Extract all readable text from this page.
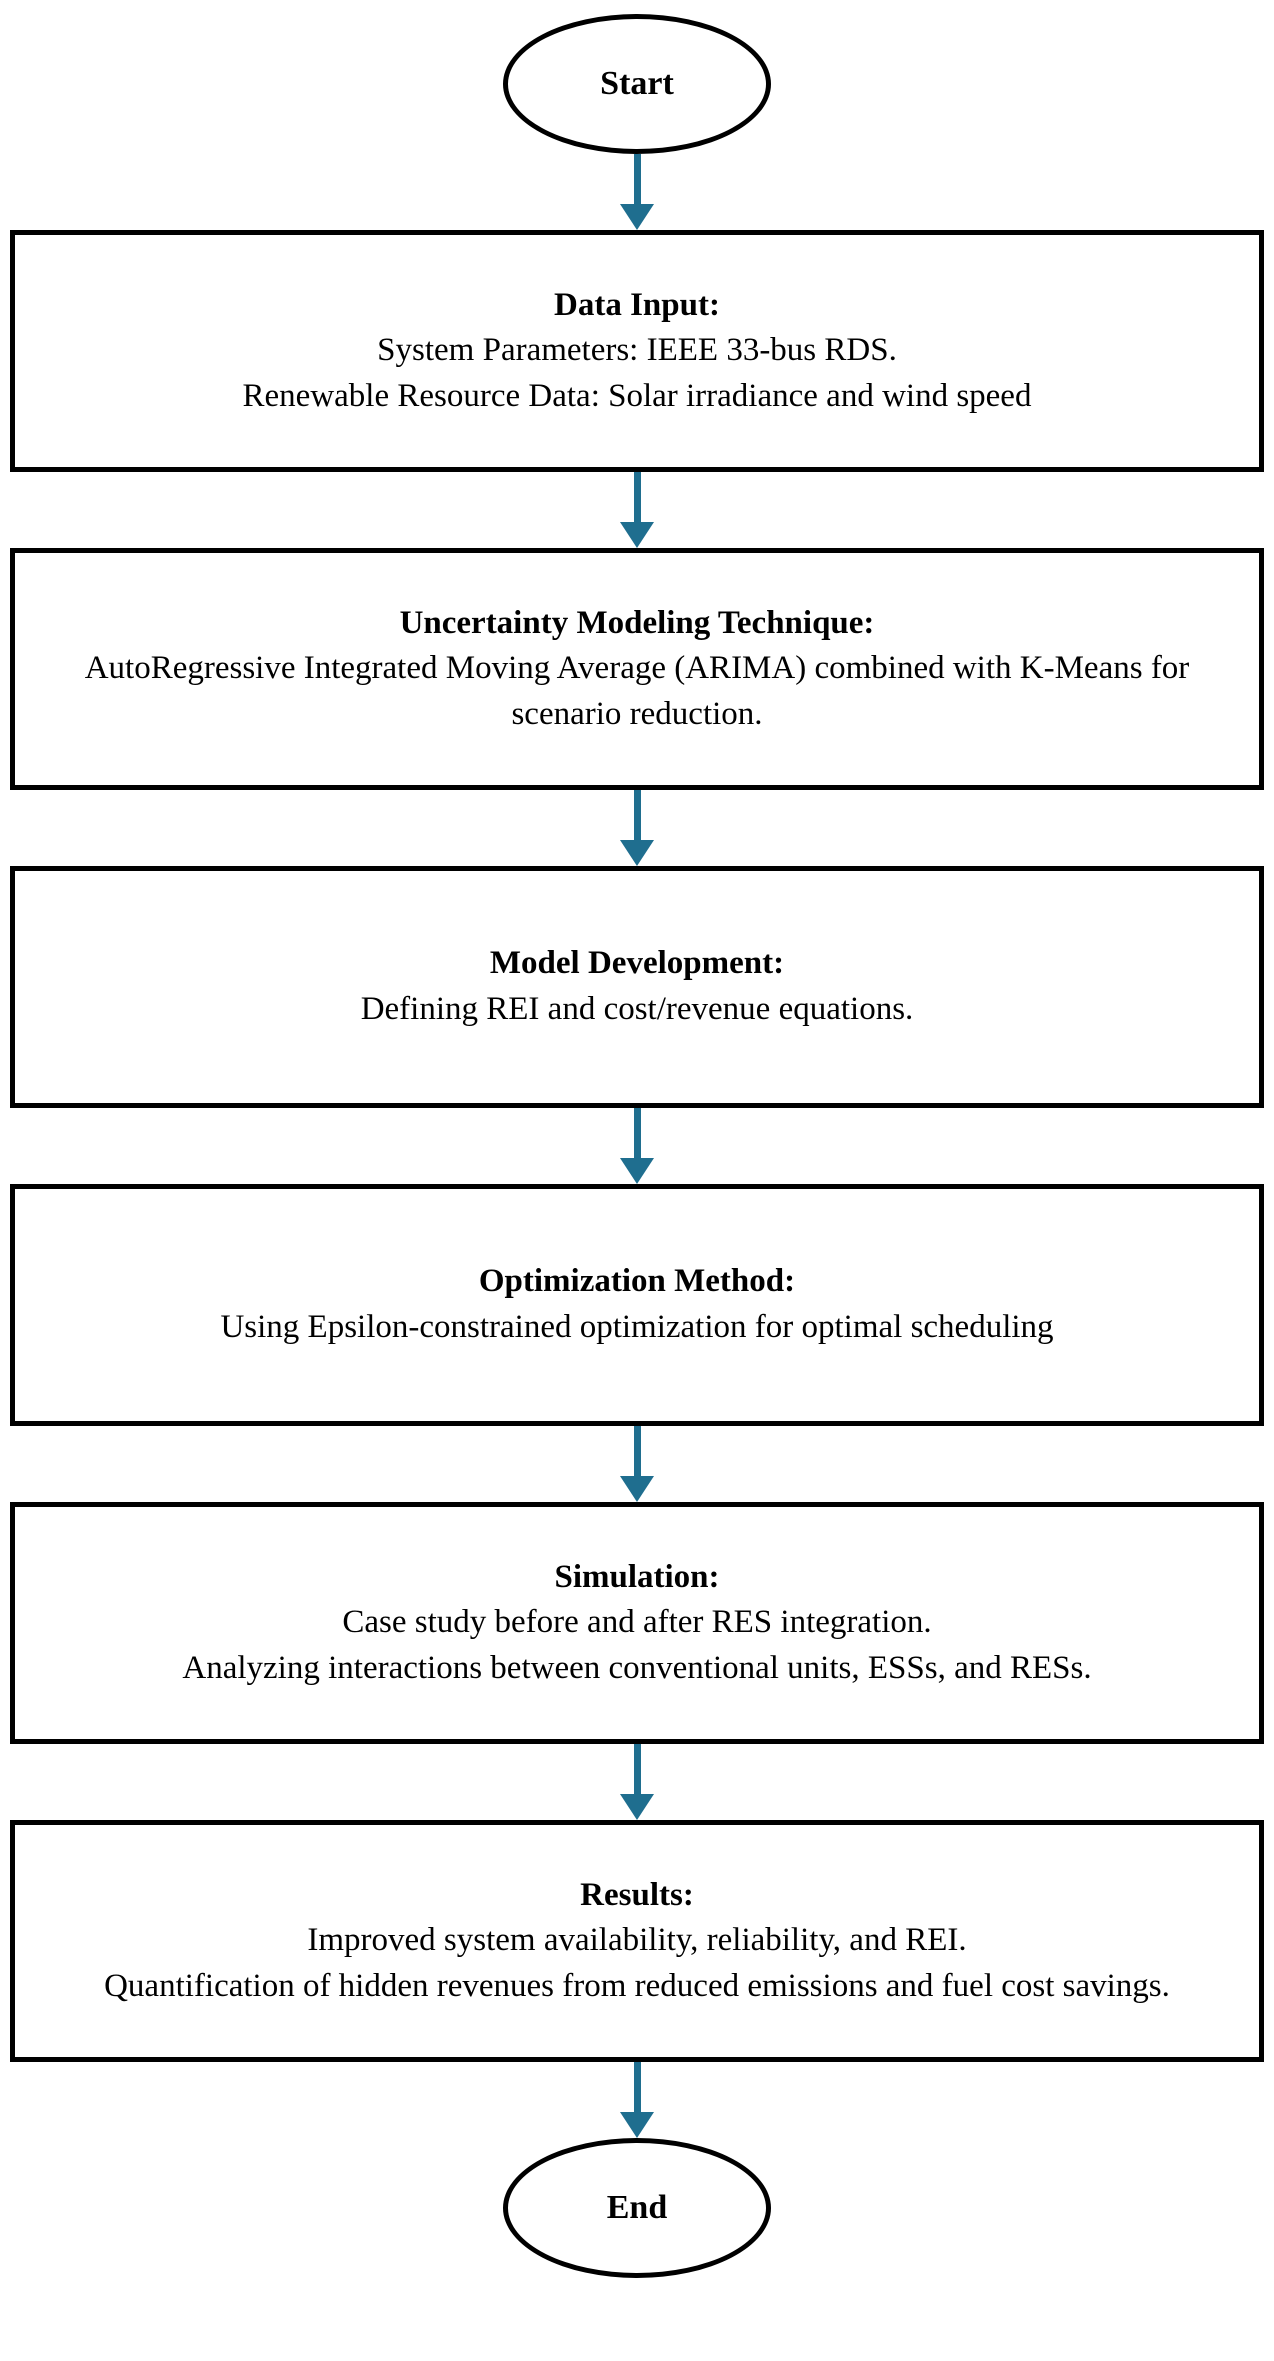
Start
Data Input:
System Parameters: IEEE 33-bus RDS.
Renewable Resource Data: Solar irradiance and wind speed
Uncertainty Modeling Technique:
AutoRegressive Integrated Moving Average (ARIMA) combined with K-Means for scenario reduction.
Model Development:
Defining REI and cost/revenue equations.
Optimization Method:
Using Epsilon-constrained optimization for optimal scheduling
Simulation:
Case study before and after RES integration.
Analyzing interactions between conventional units, ESSs, and RESs.
Results:
Improved system availability, reliability, and REI.
Quantification of hidden revenues from reduced emissions and fuel cost savings.
End
